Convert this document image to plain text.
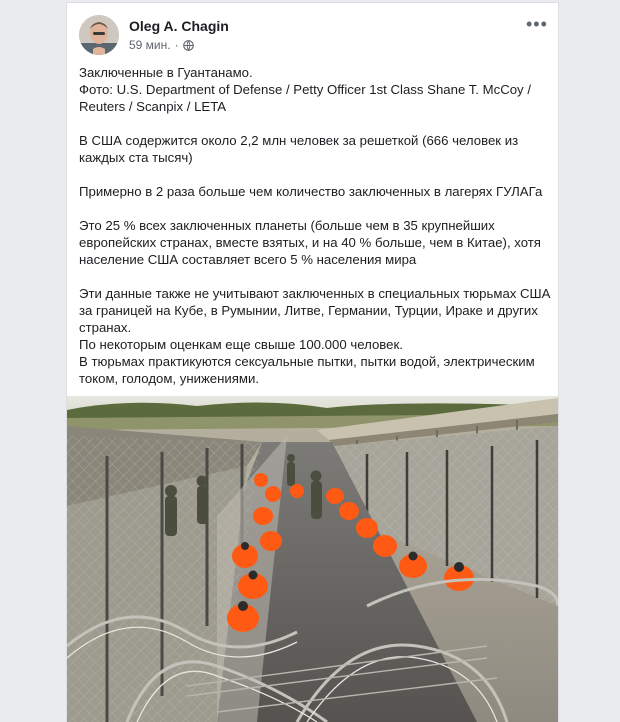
Oleg A. Chagin
59 мин. ·
•••

Заключенные в Гуантанамо.
Фото: U.S. Department of Defense / Petty Officer 1st Class Shane T. McCoy / Reuters / Scanpix / LETA

В США содержится около 2,2 млн человек за решеткой (666 человек из каждых ста тысяч)

Примерно в 2 раза больше чем количество заключенных в лагерях ГУЛАГа

Это 25 % всех заключенных планеты (больше чем в 35 крупнейших европейских странах, вместе взятых, и на 40 % больше, чем в Китае), хотя население США составляет всего 5 % населения мира

Эти данные также не учитывают заключенных в специальных тюрьмах США за границей на Кубе, в Румынии, Литве, Германии, Турции, Ираке и других странах.
По некоторым оценкам еще свыше 100.000 человек.
В тюрьмах практикуются сексуальные пытки, пытки водой, электрическим током, голодом, унижениями.
